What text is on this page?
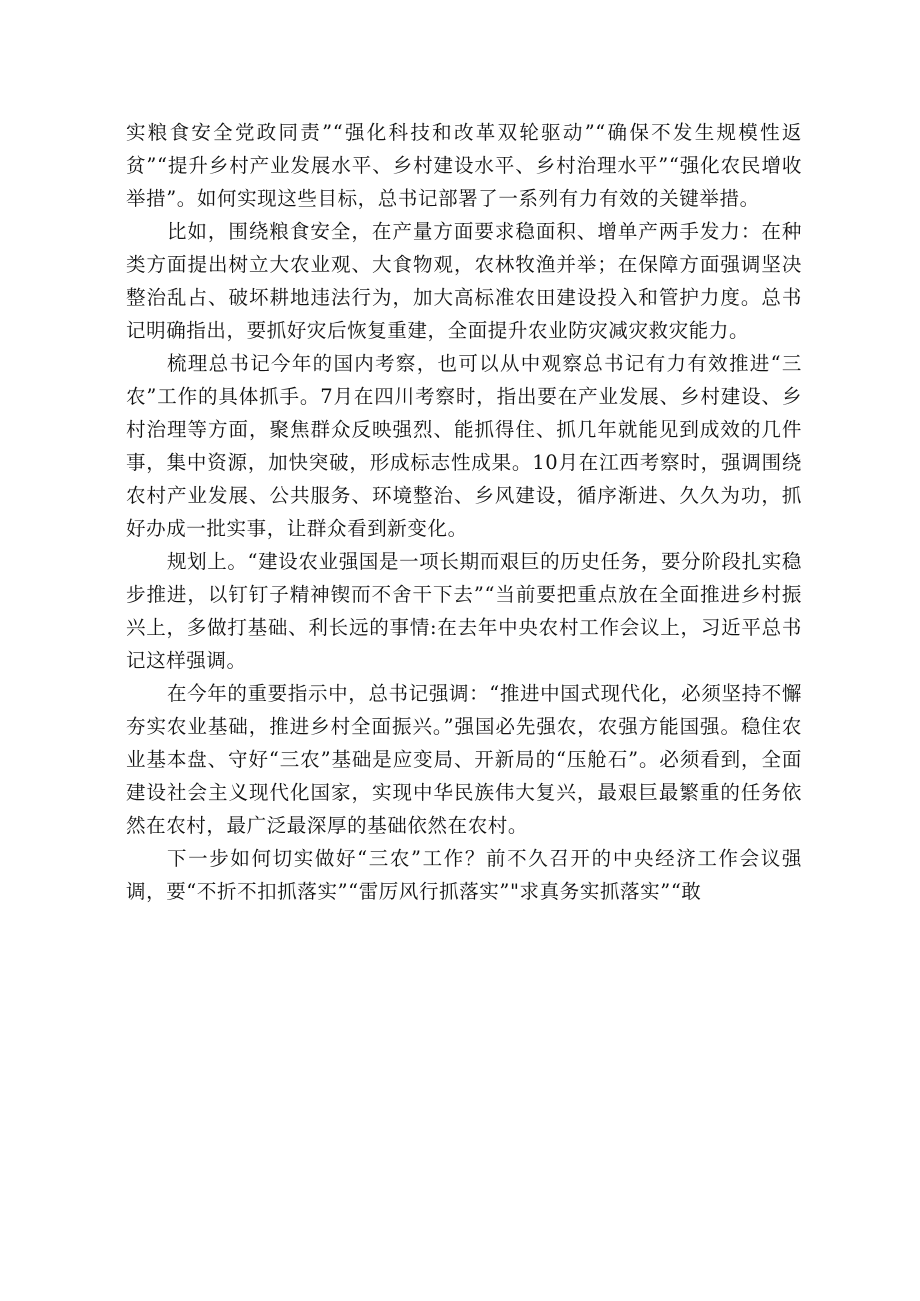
实粮食安全党政同责”“强化科技和改革双轮驱动”“确保不发生规模性返贫”“提升乡村产业发展水平、乡村建设水平、乡村治理水平”“强化农民增收举措”。如何实现这些目标，总书记部署了一系列有力有效的关键举措。

比如，围绕粮食安全，在产量方面要求稳面积、增单产两手发力：在种类方面提出树立大农业观、大食物观，农林牧渔并举；在保障方面强调坚决整治乱占、破坏耕地违法行为，加大高标准农田建设投入和管护力度。总书记明确指出，要抓好灾后恢复重建，全面提升农业防灾减灾救灾能力。

梳理总书记今年的国内考察，也可以从中观察总书记有力有效推进“三农”工作的具体抓手。7月在四川考察时，指出要在产业发展、乡村建设、乡村治理等方面，聚焦群众反映强烈、能抓得住、抓几年就能见到成效的几件事，集中资源，加快突破，形成标志性成果。10月在江西考察时，强调围绕农村产业发展、公共服务、环境整治、乡风建设，循序渐进、久久为功，抓好办成一批实事，让群众看到新变化。

规划上。“建设农业强国是一项长期而艰巨的历史任务，要分阶段扎实稳步推进，以钉钉子精神锲而不舍干下去”“当前要把重点放在全面推进乡村振兴上，多做打基础、利长远的事情:在去年中央农村工作会议上，习近平总书记这样强调。

在今年的重要指示中，总书记强调：“推进中国式现代化，必须坚持不懈夯实农业基础，推进乡村全面振兴。”强国必先强农，农强方能国强。稳住农业基本盘、守好“三农”基础是应变局、开新局的“压舱石”。必须看到，全面建设社会主义现代化国家，实现中华民族伟大复兴，最艰巨最繁重的任务依然在农村，最广泛最深厚的基础依然在农村。

下一步如何切实做好“三农”工作？前不久召开的中央经济工作会议强调，要“不折不扣抓落实”“雷厉风行抓落实”"求真务实抓落实”“敢
